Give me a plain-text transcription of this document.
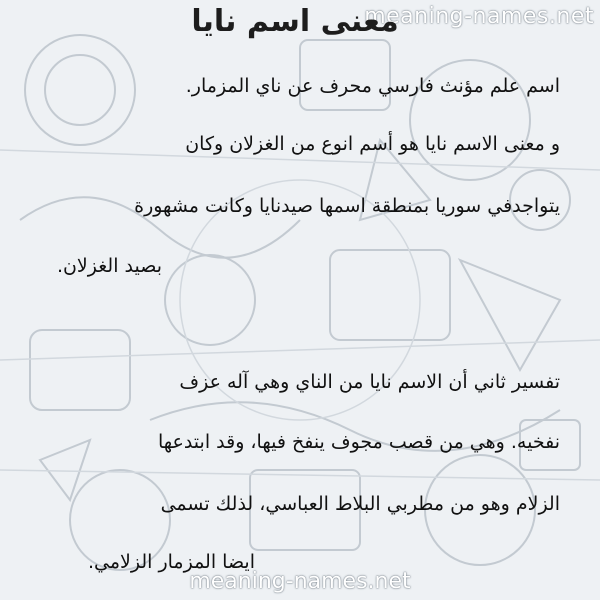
meaning-names.net
معنى اسم نايا
اسم علم مؤنث فارسي محرف عن ناي المزمار.
و معنى الاسم نايا هو أسم انوع من الغزلان وكان
يتواجدفي سوريا بمنطقة اسمها صيدنايا وكانت مشهورة
بصيد الغزلان.
تفسير ثاني أن الاسم نايا من الناي وهي آله عزف
نفخيه. وهي من قصب مجوف ينفخ فيها، وقد ابتدعها
الزلام وهو من مطربي البلاط العباسي، لذلك تسمى
ايضا المزمار الزلامي.
meaning-names.net
